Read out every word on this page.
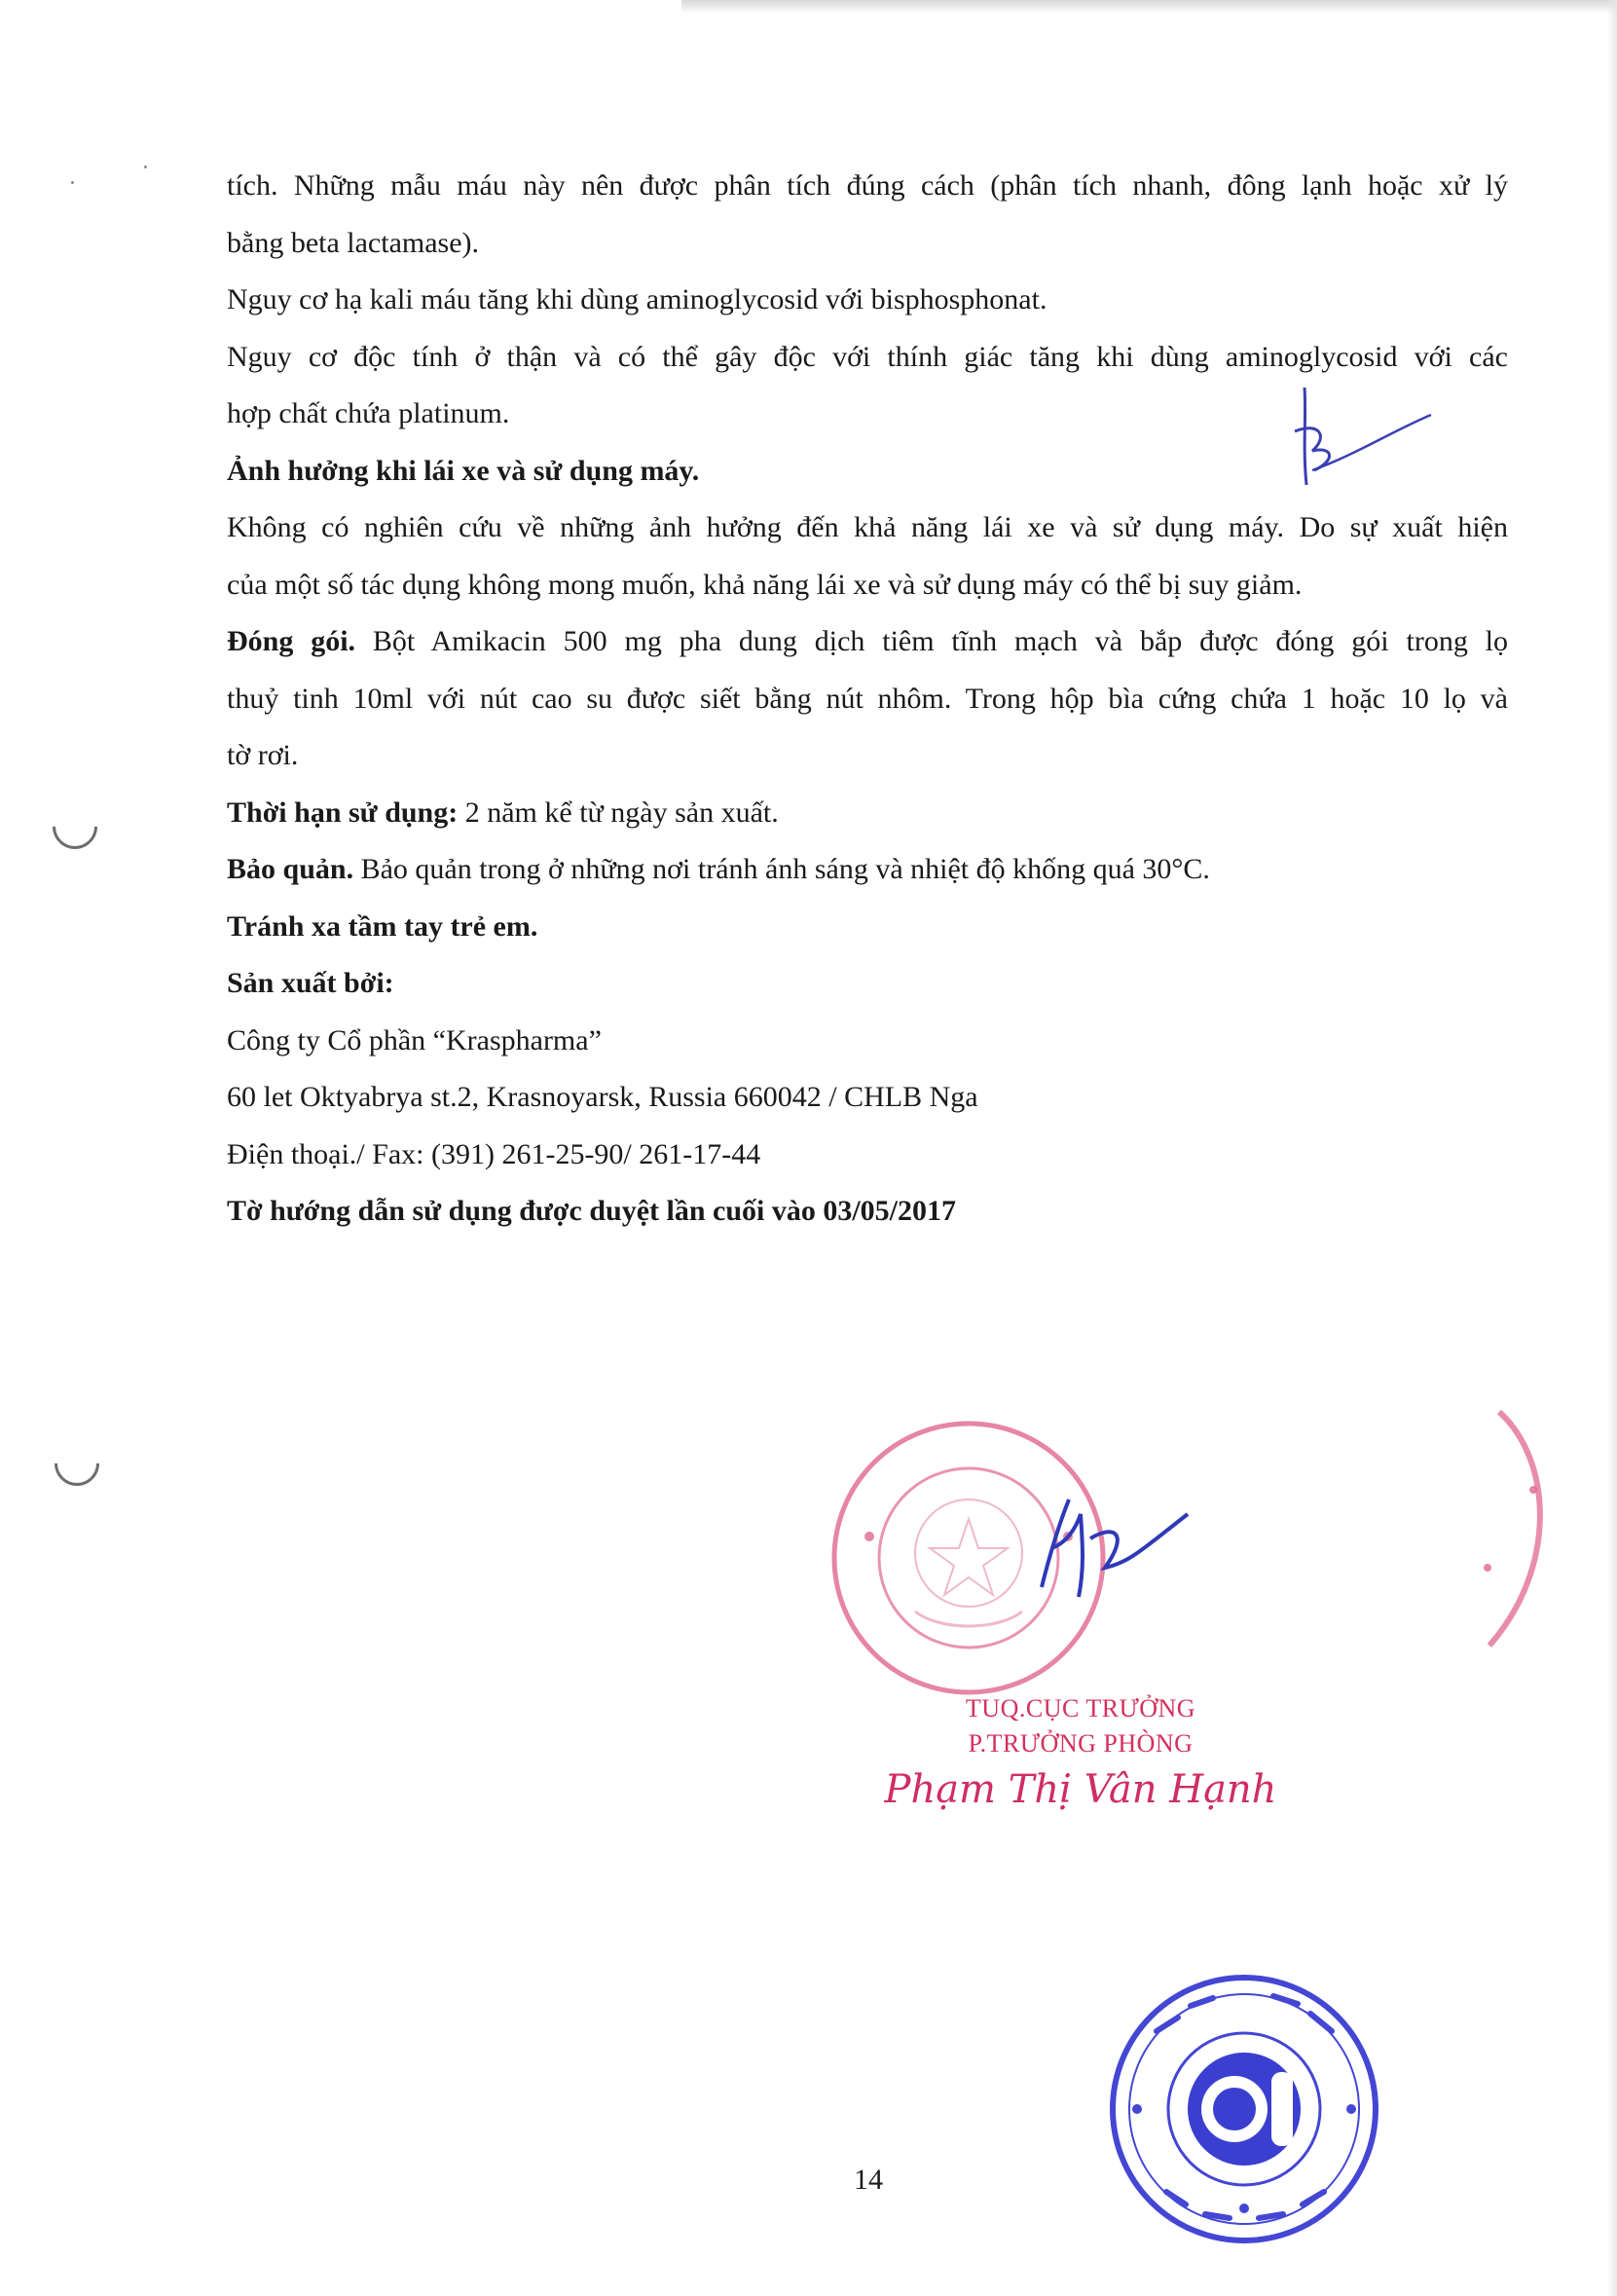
tích. Những mẫu máu này nên được phân tích đúng cách (phân tích nhanh, đông lạnh hoặc xử lý
bằng beta lactamase).
Nguy cơ hạ kali máu tăng khi dùng aminoglycosid với bisphosphonat.
Nguy cơ độc tính ở thận và có thể gây độc với thính giác tăng khi dùng aminoglycosid với các
hợp chất chứa platinum.
Ảnh hưởng khi lái xe và sử dụng máy.
Không có nghiên cứu về những ảnh hưởng đến khả năng lái xe và sử dụng máy. Do sự xuất hiện
của một số tác dụng không mong muốn, khả năng lái xe và sử dụng máy có thể bị suy giảm.
Đóng gói. Bột Amikacin 500 mg pha dung dịch tiêm tĩnh mạch và bắp được đóng gói trong lọ
thuỷ tinh 10ml với nút cao su được siết bằng nút nhôm. Trong hộp bìa cứng chứa 1 hoặc 10 lọ và
tờ rơi.
Thời hạn sử dụng: 2 năm kể từ ngày sản xuất.
Bảo quản. Bảo quản trong ở những nơi tránh ánh sáng và nhiệt độ khống quá 30°C.
Tránh xa tầm tay trẻ em.
Sản xuất bởi:
Công ty Cổ phần “Kraspharma”
60 let Oktyabrya st.2, Krasnoyarsk, Russia 660042 / CHLB Nga
Điện thoại./ Fax: (391) 261-25-90/ 261-17-44
Tờ hướng dẫn sử dụng được duyệt lần cuối vào 03/05/2017
TUQ.CỤC TRƯỞNG
P.TRƯỞNG PHÒNG
Phạm Thị Vân Hạnh
14
